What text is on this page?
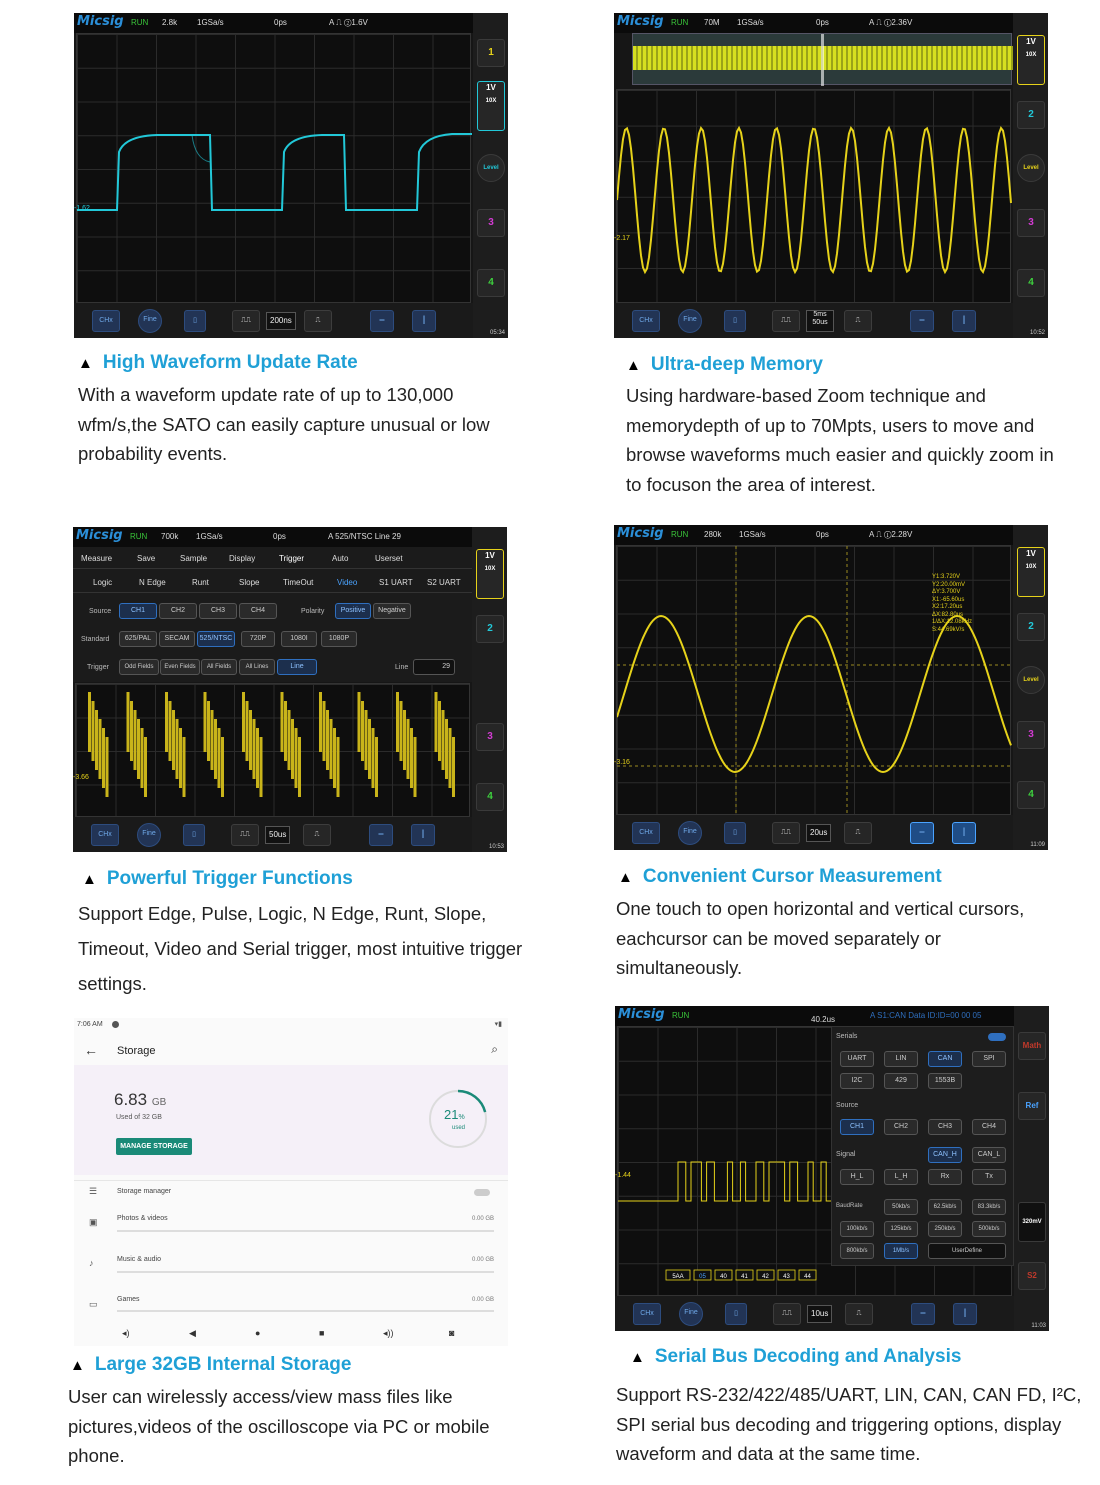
Micsig RUN 2.8k 1GSa/s	0ps	A ⎍ ②1.6V
-1.62
1
1V
10X
Level
3
4
CHx	Fine	▯	⎍⎍	200ns	⎍	═	║
05:34
▲ High Waveform Update Rate
With a waveform update rate of up to 130,000 wfm/s,the SATO can easily capture unusual or low probability events.
Micsig RUN 70M 1GSa/s	0ps	A ⎍ ①2.36V
-2.17
1V
10X
2
Level
3
4
CHx	Fine	▯	⎍⎍
5ms 50us	⎍	═	║
10:52
▲ Ultra-deep Memory
Using hardware-based Zoom technique and memorydepth of up to 70Mpts, users to move and browse waveforms much easier and quickly zoom in to focuson the area of interest.
Micsig RUN 700k 1GSa/s	0ps	A 525/NTSC Line 29
Measure	Save	Sample	Display	Trigger	Auto	Userset
Logic	N Edge	Runt	Slope	TimeOut	Video	S1 UART S2 UART
Source	CH1	CH2	CH3	CH4	Polarity	Positive	Negative
Standard	625/PAL	SECAM	525/NTSC	720P	1080I	1080P
Trigger	Odd Fields	Even Fields	All Fields	All Lines	Line	Line	29
-3.66
1V
10X
2
3
4
CHx	Fine	▯	⎍⎍	50us	⎍	═	║
10:53
▲ Powerful Trigger Functions
Support Edge, Pulse, Logic, N Edge, Runt, Slope, Timeout, Video and Serial trigger, most intuitive trigger settings.
Micsig RUN 280k 1GSa/s	0ps	A ⎍ ①2.28V
Y1:3.720V
Y2:20.00mV
ΔY:3.700V
X1:-65.60us
X2:17.20us
ΔX:82.80us
1/ΔX:12.08kHz
S:44.69kV/s
-3.16
1V
10X
2
Level
3
4
CHx	Fine	▯	⎍⎍	20us	⎍	═	║
11:09
▲ Convenient Cursor Measurement
One touch to open horizontal and vertical cursors, eachcursor can be moved separately or simultaneously.
7:06 AM	▾▮
← Storage	⌕
6.83 GB
Used of 32 GB
MANAGE STORAGE
21%
used
☰	Storage manager
▣	Photos & videos	0.00 GB
♪	Music & audio	0.00 GB
▭	Games	0.00 GB
◂)	◀	●	■	◂))	◙
▲ Large 32GB Internal Storage
User can wirelessly access/view mass files like pictures,videos of the oscilloscope via PC or mobile phone.
Micsig RUN	40.2us	A S1:CAN Data ID:ID=00 00 05
5AA	05 40 41 42 43 44
Serials
UART	LIN	CAN	SPI
I2C	429	1553B
Source
CH1	CH2	CH3	CH4
Signal	CAN_H	CAN_L
H_L	L_H	Rx	Tx
BaudRate	50kb/s	62.5kb/s	83.3kb/s
100kb/s	125kb/s	250kb/s	500kb/s
800kb/s	1Mb/s	UserDefine
-1.44
Math
Ref
320mV
S2
CHx	Fine	▯	⎍⎍	10us	⎍	═	║
11:03
▲ Serial Bus Decoding and Analysis
Support RS-232/422/485/UART, LIN, CAN, CAN FD, I²C, SPI serial bus decoding and triggering options, display waveform and data at the same time.
